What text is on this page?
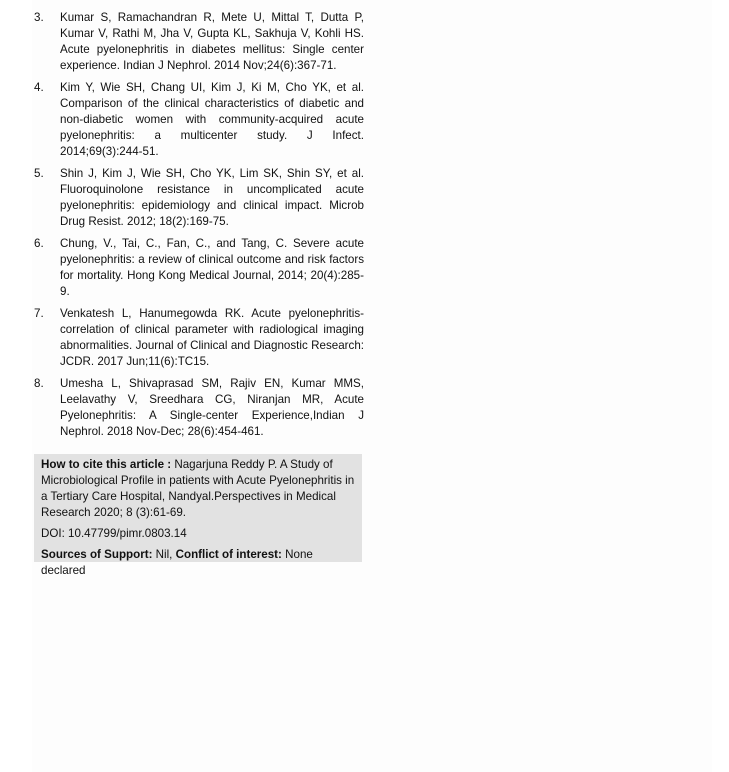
3.	Kumar S, Ramachandran R, Mete U, Mittal T, Dutta P, Kumar V, Rathi M, Jha V, Gupta KL, Sakhuja V, Kohli HS. Acute pyelonephritis in diabetes mellitus: Single center experience. Indian J Nephrol. 2014 Nov;24(6):367-71.
4.	Kim Y, Wie SH, Chang UI, Kim J, Ki M, Cho YK, et al. Comparison of the clinical characteristics of diabetic and non-diabetic women with community-acquired acute pyelonephritis: a multicenter study. J Infect. 2014;69(3):244-51.
5.	Shin J, Kim J, Wie SH, Cho YK, Lim SK, Shin SY, et al. Fluoroquinolone resistance in uncomplicated acute pyelonephritis: epidemiology and clinical impact. Microb Drug Resist. 2012; 18(2):169-75.
6.	Chung, V., Tai, C., Fan, C., and Tang, C. Severe acute pyelonephritis: a review of clinical outcome and risk factors for mortality. Hong Kong Medical Journal, 2014; 20(4):285-9.
7.	Venkatesh L, Hanumegowda RK. Acute pyelonephritis-correlation of clinical parameter with radiological imaging abnormalities. Journal of Clinical and Diagnostic Research: JCDR. 2017 Jun;11(6):TC15.
8.	Umesha L, Shivaprasad SM, Rajiv EN, Kumar MMS, Leelavathy V, Sreedhara CG, Niranjan MR, Acute Pyelonephritis: A Single-center Experience,Indian J Nephrol. 2018 Nov-Dec; 28(6):454-461.

How to cite this article : Nagarjuna Reddy P. A Study of Microbiological Profile in patients with Acute Pyelonephritis in a Tertiary Care Hospital, Nandyal.Perspectives in Medical Research 2020; 8 (3):61-69.

DOI: 10.47799/pimr.0803.14

Sources of Support: Nil, Conflict of interest: None declared
